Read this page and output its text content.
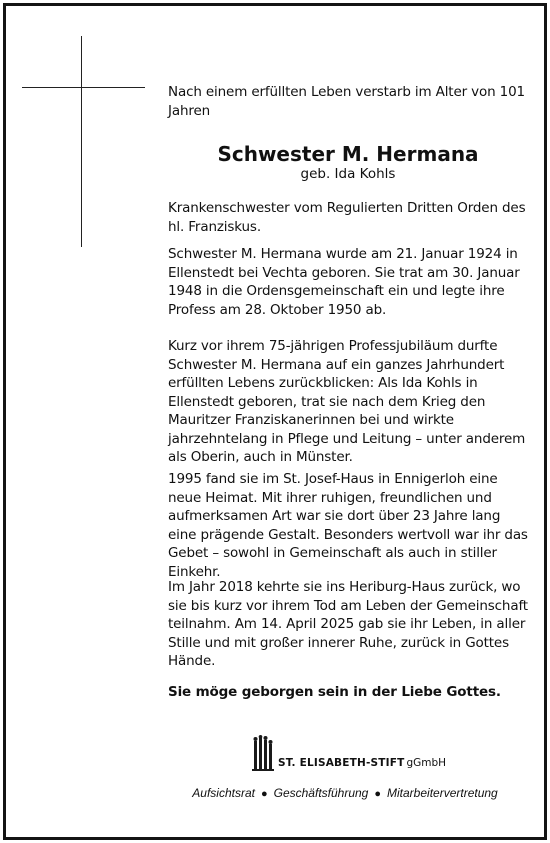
Nach einem erfüllten Leben verstarb im Alter von 101 Jahren

Schwester M. Hermana

geb. Ida Kohls

Krankenschwester vom Regulierten Dritten Orden des hl. Franziskus.

Schwester M. Hermana wurde am 21. Januar 1924 in Ellenstedt bei Vechta geboren. Sie trat am 30. Januar 1948 in die Ordensgemeinschaft ein und legte ihre Profess am 28. Oktober 1950 ab.

Kurz vor ihrem 75-jährigen Professjubiläum durfte Schwester M. Hermana auf ein ganzes Jahrhundert erfüllten Lebens zurückblicken: Als Ida Kohls in Ellenstedt geboren, trat sie nach dem Krieg den Mauritzer Franziskanerinnen bei und wirkte jahrzehntelang in Pflege und Leitung – unter anderem als Oberin, auch in Münster.

1995 fand sie im St. Josef-Haus in Ennigerloh eine neue Heimat. Mit ihrer ruhigen, freundlichen und aufmerksamen Art war sie dort über 23 Jahre lang eine prägende Gestalt. Besonders wertvoll war ihr das Gebet – sowohl in Gemeinschaft als auch in stiller Einkehr.

Im Jahr 2018 kehrte sie ins Heriburg-Haus zurück, wo sie bis kurz vor ihrem Tod am Leben der Gemeinschaft teilnahm. Am 14. April 2025 gab sie ihr Leben, in aller Stille und mit großer innerer Ruhe, zurück in Gottes Hände.

Sie möge geborgen sein in der Liebe Gottes.

ST. ELISABETH-STIFT gGmbH

Aufsichtsrat ● Geschäftsführung ● Mitarbeitervertretung
